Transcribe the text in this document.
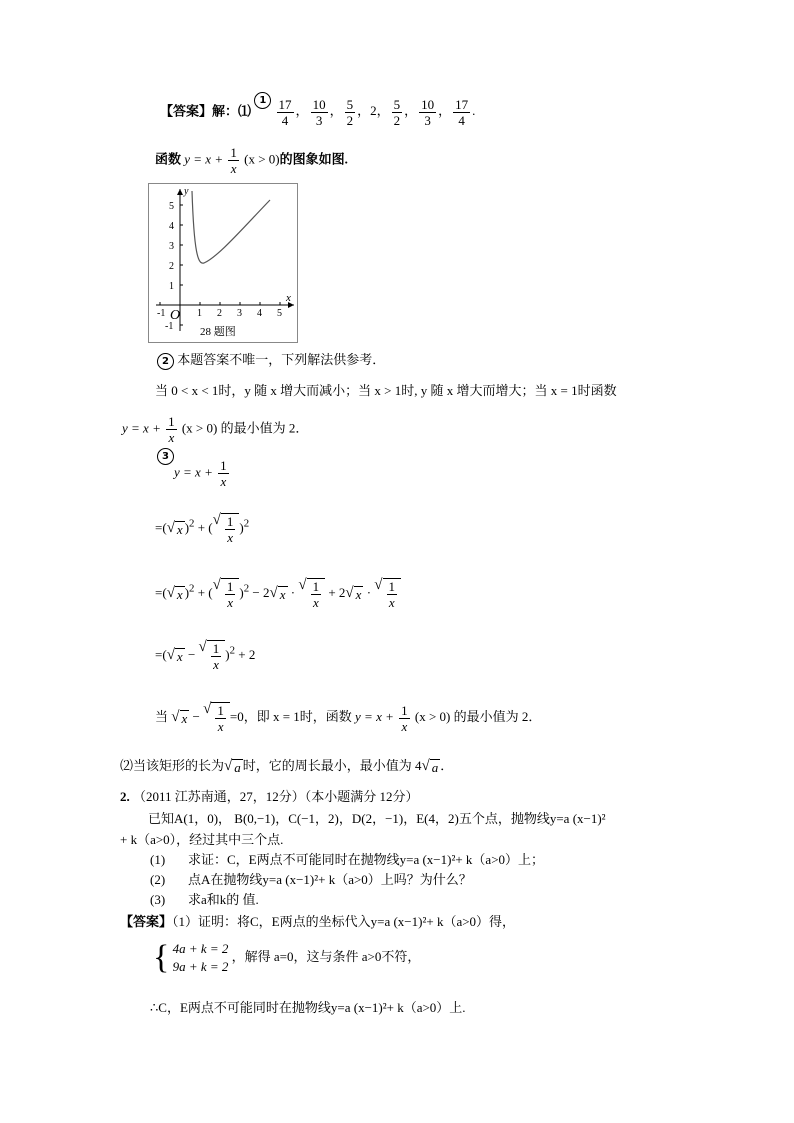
【答案】解：⑴ $1 \frac{17}{4}$ ， $\frac{10}{3}$ ， $\frac{5}{2}$ ，2， $\frac{5}{2}$ ， $\frac{10}{3}$ ， $\frac{17}{4}$ .
函数 $y = x + \frac{1}{x} (x > 0)$的图象如图.
-1	1 2 3 4 5
-1
1
2
3
4
5
x
y
O
28 题图
2 本题答案不唯一，下列解法供参考．
当 0 < x < 1时，y 随 x 增大而减小；当 x > 1时, y 随 x 增大而增大；当 x = 1时函数
$y = x + \frac{1}{x} (x > 0)$ 的最小值为 2．
3
$y = x + \frac{1}{x}$
=( √ x )$^2$ + ( √ $\frac{1}{x} )^2$
=( √ x )$^2$ + ( √ $\frac{1}{x} )^2 - 2$ √ x · √ $\frac{1}{x} + 2$ √ x · √ $\frac{1}{x}$
=( √ x − √ $\frac{1}{x} )^2 + 2$
当 √ x − √ $\frac{1}{x} =0$，即 x = 1时，函数 $y = x + \frac{1}{x} (x > 0)$ 的最小值为 2．
⑵当该矩形的长为 √ a 时，它的周长最小，最小值为 4 √ a ．
2. （2011 江苏南通，27，12分）（本小题满分 12分）
已知A(1，0)， B(0,−1)，C(−1，2)，D(2，−1)，E(4，2)五个点，抛物线y=a (x−1)²
+ k（a>0），经过其中三个点.
(1) 求证：C，E两点不可能同时在抛物线y=a (x−1)²+ k（a>0）上；
(2) 点A在抛物线y=a (x−1)²+ k（a>0）上吗？为什么？
(3) 求a和k的 值.
【答案】（1）证明：将C，E两点的坐标代入y=a (x−1)²+ k（a>0）得，
{ 4a + k = 2
9a + k = 2
，解得 a=0，这与条件 a>0不符，
∴C，E两点不可能同时在抛物线y=a (x−1)²+ k（a>0）上.
